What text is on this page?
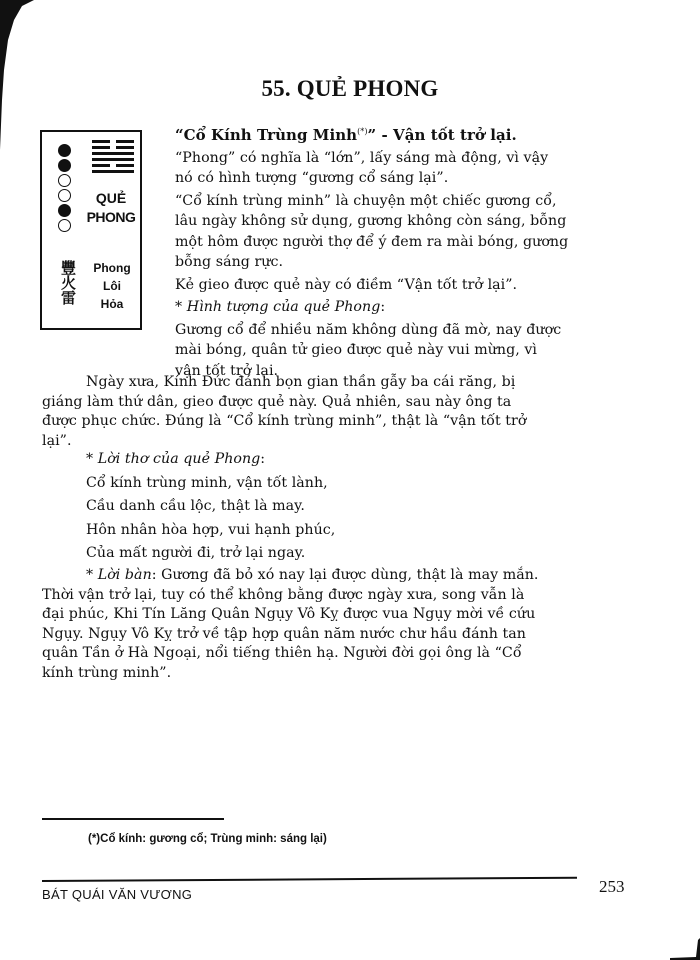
55. QUẺ PHONG
QUẺ
PHONG
豐火雷	Phong
Lôi
Hỏa
“Cổ Kính Trùng Minh(*)” - Vận tốt trở lại.
“Phong” có nghĩa là “lớn”, lấy sáng mà động, vì vậy
nó có hình tượng “gương cổ sáng lại”.
“Cổ kính trùng minh” là chuyện một chiếc gương cổ,
lâu ngày không sử dụng, gương không còn sáng, bỗng
một hôm được người thợ để ý đem ra mài bóng, gương
bỗng sáng rực.
Kẻ gieo được quẻ này có điềm “Vận tốt trở lại”.
* Hình tượng của quẻ Phong:
Gương cổ để nhiều năm không dùng đã mờ, nay được
mài bóng, quân tử gieo được quẻ này vui mừng, vì
vận tốt trở lại.
Ngày xưa, Kính Đức đánh bọn gian thần gẫy ba cái răng, bị
giáng làm thứ dân, gieo được quẻ này. Quả nhiên, sau này ông ta
được phục chức. Đúng là “Cổ kính trùng minh”, thật là “vận tốt trở
lại”.
* Lời thơ của quẻ Phong:
Cổ kính trùng minh, vận tốt lành,
Cầu danh cầu lộc, thật là may.
Hôn nhân hòa hợp, vui hạnh phúc,
Của mất người đi, trở lại ngay.
* Lời bàn: Gương đã bỏ xó nay lại được dùng, thật là may mắn.
Thời vận trở lại, tuy có thể không bằng được ngày xưa, song vẫn là
đại phúc, Khi Tín Lăng Quân Ngụy Vô Kỵ được vua Ngụy mời về cứu
Ngụy. Ngụy Vô Kỵ trở về tập hợp quân năm nước chư hầu đánh tan
quân Tần ở Hà Ngoại, nổi tiếng thiên hạ. Người đời gọi ông là “Cổ
kính trùng minh”.
(*)Cổ kính: gương cổ; Trùng minh: sáng lại)
BÁT QUÁI VĂN VƯƠNG	253
